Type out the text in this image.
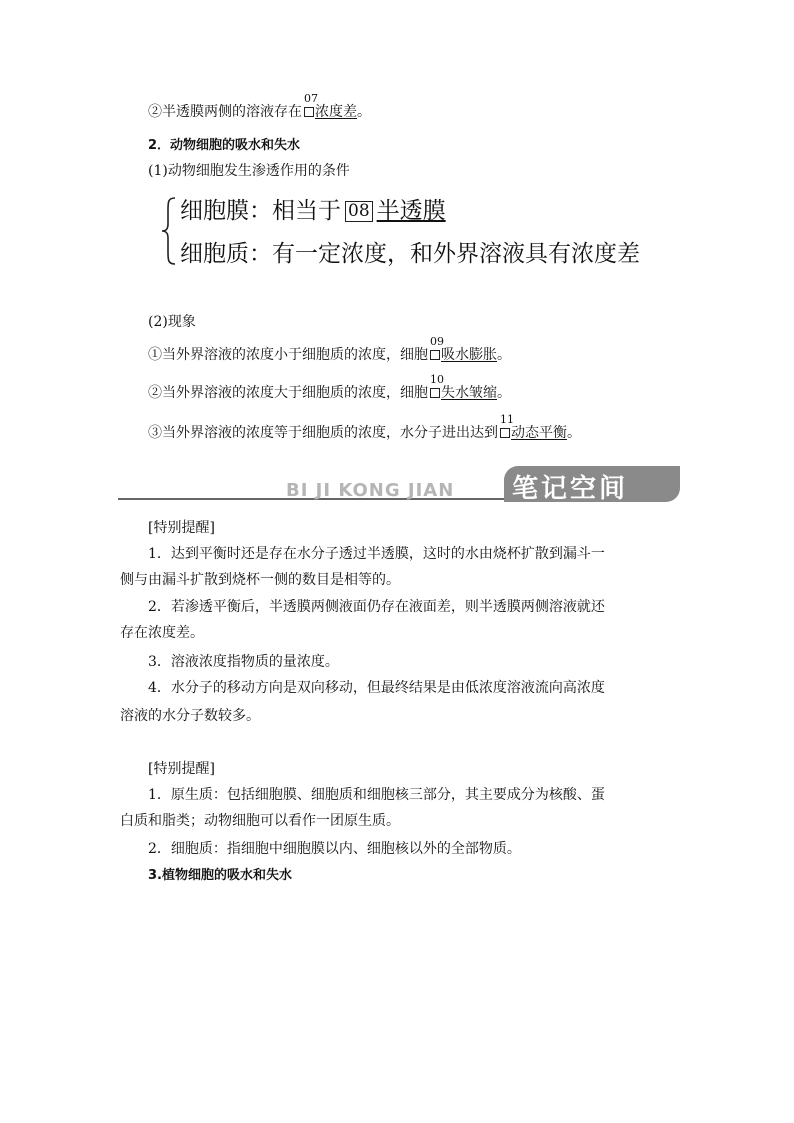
②半透膜两侧的溶液存在
07
浓度差。
2．动物细胞的吸水和失水
(1)动物细胞发生渗透作用的条件
细胞膜：相当于 08 半透膜
细胞质：有一定浓度，和外界溶液具有浓度差
(2)现象
①当外界溶液的浓度小于细胞质的浓度，细胞
09
吸水膨胀。
②当外界溶液的浓度大于细胞质的浓度，细胞
10
失水皱缩。
③当外界溶液的浓度等于细胞质的浓度，水分子进出达到
11
动态平衡。
BI JI KONG JIAN 笔记空间
[特别提醒]
1．达到平衡时还是存在水分子透过半透膜，这时的水由烧杯扩散到漏斗一
侧与由漏斗扩散到烧杯一侧的数目是相等的。
2．若渗透平衡后，半透膜两侧液面仍存在液面差，则半透膜两侧溶液就还
存在浓度差。
3．溶液浓度指物质的量浓度。
4．水分子的移动方向是双向移动，但最终结果是由低浓度溶液流向高浓度
溶液的水分子数较多。
[特别提醒]
1．原生质：包括细胞膜、细胞质和细胞核三部分，其主要成分为核酸、蛋
白质和脂类；动物细胞可以看作一团原生质。
2．细胞质：指细胞中细胞膜以内、细胞核以外的全部物质。
3.植物细胞的吸水和失水
